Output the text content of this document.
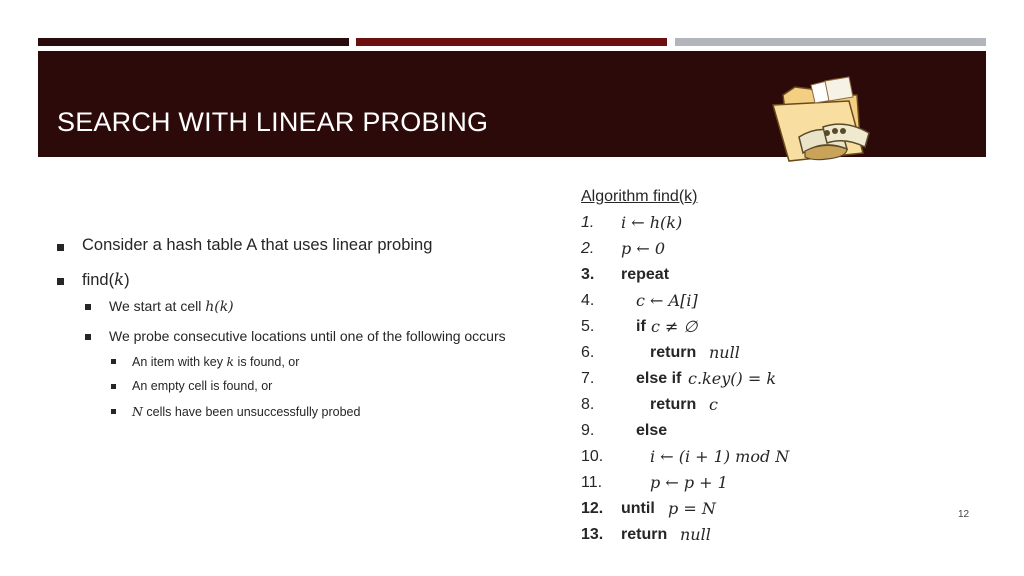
SEARCH WITH LINEAR PROBING
Consider a hash table A that uses linear probing
find(k)
We start at cell h(k)
We probe consecutive locations until one of the following occurs
An item with key k is found, or
An empty cell is found, or
N cells have been unsuccessfully probed
Algorithm find(k)
1. i ← h(k)
2. p ← 0
3. repeat
4.	c ← A[i]
5.	if c ≠ ∅
6.	return null
7.	else if c.key() = k
8.	return c
9.	else
10.	i ← (i + 1) mod N
11.	p ← p + 1
12. until p = N
13. return null
12
